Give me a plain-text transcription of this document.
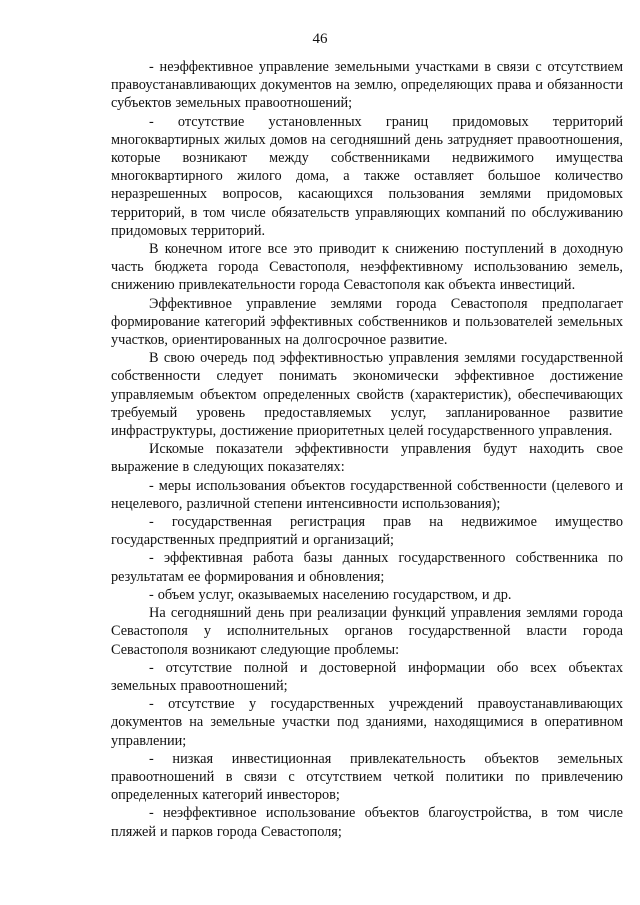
46

- неэффективное управление земельными участками в связи с отсутствием правоустанавливающих документов на землю, определяющих права и обязанности субъектов земельных правоотношений;

- отсутствие установленных границ придомовых территорий многоквартирных жилых домов на сегодняшний день затрудняет правоотношения, которые возникают между собственниками недвижимого имущества многоквартирного жилого дома, а также оставляет большое количество неразрешенных вопросов, касающихся пользования землями придомовых территорий, в том числе обязательств управляющих компаний по обслуживанию придомовых территорий.

В конечном итоге все это приводит к снижению поступлений в доходную часть бюджета города Севастополя, неэффективному использованию земель, снижению привлекательности города Севастополя как объекта инвестиций.

Эффективное управление землями города Севастополя предполагает формирование категорий эффективных собственников и пользователей земельных участков, ориентированных на долгосрочное развитие.

В свою очередь под эффективностью управления землями государственной собственности следует понимать экономически эффективное достижение управляемым объектом определенных свойств (характеристик), обеспечивающих требуемый уровень предоставляемых услуг, запланированное развитие инфраструктуры, достижение приоритетных целей государственного управления.

Искомые показатели эффективности управления будут находить свое выражение в следующих показателях:

- меры использования объектов государственной собственности (целевого и нецелевого, различной степени интенсивности использования);

- государственная регистрация прав на недвижимое имущество государственных предприятий и организаций;

- эффективная работа базы данных государственного собственника по результатам ее формирования и обновления;

- объем услуг, оказываемых населению государством, и др.

На сегодняшний день при реализации функций управления землями города Севастополя у исполнительных органов государственной власти города Севастополя возникают следующие проблемы:

- отсутствие полной и достоверной информации обо всех объектах земельных правоотношений;

- отсутствие у государственных учреждений правоустанавливающих документов на земельные участки под зданиями, находящимися в оперативном управлении;

- низкая инвестиционная привлекательность объектов земельных правоотношений в связи с отсутствием четкой политики по привлечению определенных категорий инвесторов;

- неэффективное использование объектов благоустройства, в том числе пляжей и парков города Севастополя;
